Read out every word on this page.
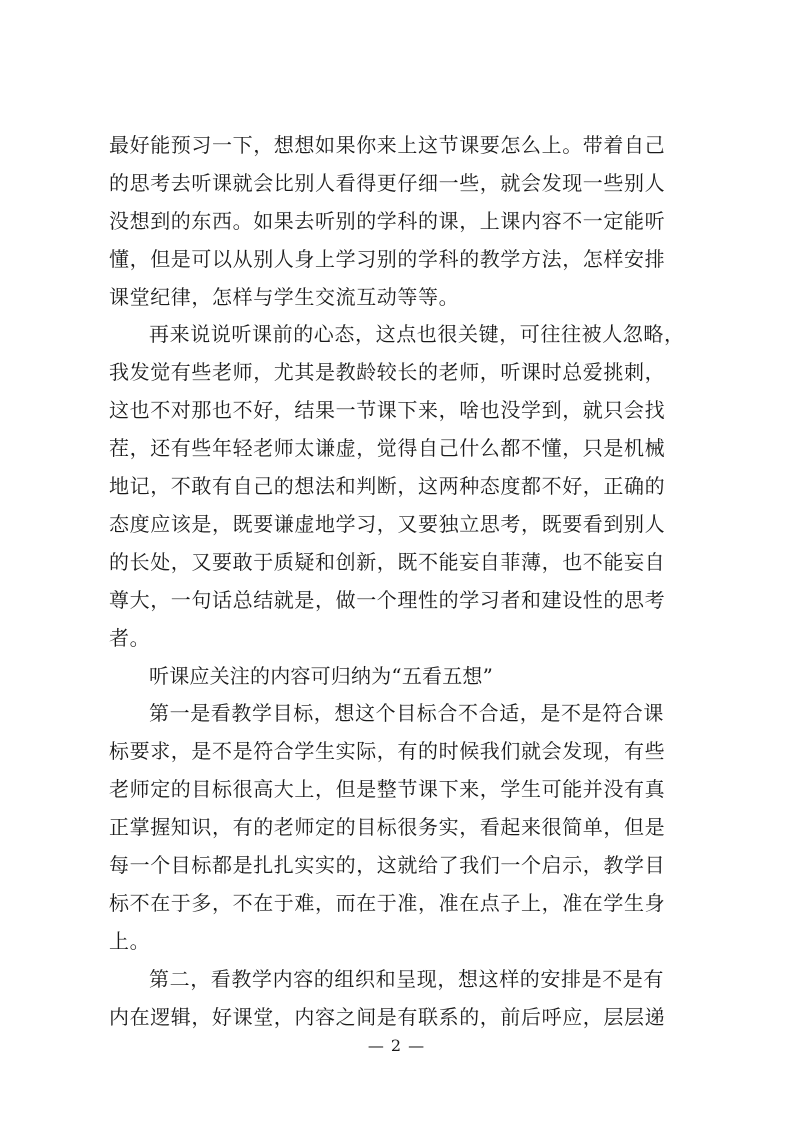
最好能预习一下，想想如果你来上这节课要怎么上。带着自己
的思考去听课就会比别人看得更仔细一些，就会发现一些别人
没想到的东西。如果去听别的学科的课，上课内容不一定能听
懂，但是可以从别人身上学习别的学科的教学方法，怎样安排
课堂纪律，怎样与学生交流互动等等。
再来说说听课前的心态，这点也很关键，可往往被人忽略，
我发觉有些老师，尤其是教龄较长的老师，听课时总爱挑刺，
这也不对那也不好，结果一节课下来，啥也没学到，就只会找
茬，还有些年轻老师太谦虚，觉得自己什么都不懂，只是机械
地记，不敢有自己的想法和判断，这两种态度都不好，正确的
态度应该是，既要谦虚地学习，又要独立思考，既要看到别人
的长处，又要敢于质疑和创新，既不能妄自菲薄，也不能妄自
尊大，一句话总结就是，做一个理性的学习者和建设性的思考
者。
听课应关注的内容可归纳为“五看五想”
第一是看教学目标，想这个目标合不合适，是不是符合课
标要求，是不是符合学生实际，有的时候我们就会发现，有些
老师定的目标很高大上，但是整节课下来，学生可能并没有真
正掌握知识，有的老师定的目标很务实，看起来很简单，但是
每一个目标都是扎扎实实的，这就给了我们一个启示，教学目
标不在于多，不在于难，而在于准，准在点子上，准在学生身
上。
第二，看教学内容的组织和呈现，想这样的安排是不是有
内在逻辑，好课堂，内容之间是有联系的，前后呼应，层层递
— 2 —
